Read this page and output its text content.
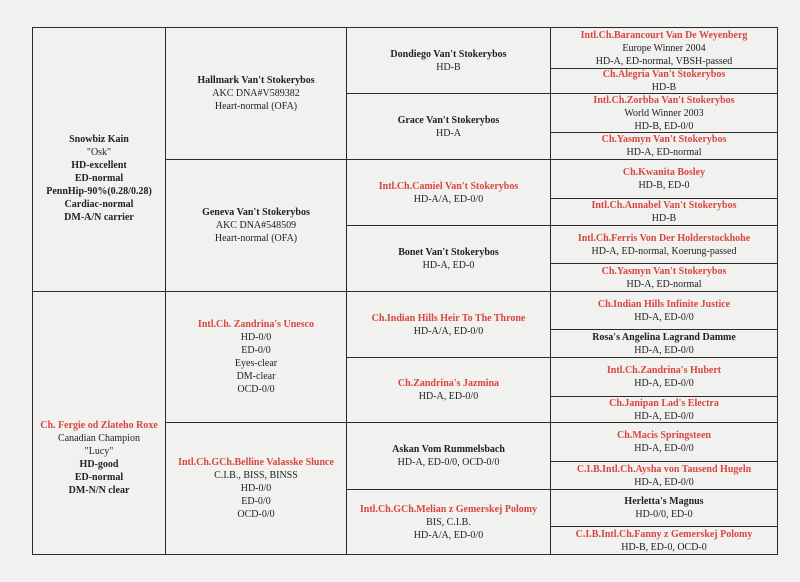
Snowbiz Kain
"Osk"
HD-excellent
ED-normal
PennHip-90%(0.28/0.28)
Cardiac-normal
DM-A/N carrier
Ch. Fergie od Zlateho Roxe
Canadian Champion
"Lucy"
HD-good
ED-normal
DM-N/N clear
Hallmark Van't Stokerybos
AKC DNA#V589382
Heart-normal (OFA)
Geneva Van't Stokerybos
AKC DNA#548509
Heart-normal (OFA)
Intl.Ch. Zandrina's Unesco
HD-0/0
ED-0/0
Eyes-clear
DM-clear
OCD-0/0
Intl.Ch.GCh.Belline Valasske Slunce
C.I.B., BISS, BINSS
HD-0/0
ED-0/0
OCD-0/0
Dondiego Van't Stokerybos
HD-B
Grace Van't Stokerybos
HD-A
Intl.Ch.Camiel Van't Stokerybos
HD-A/A, ED-0/0
Bonet Van't Stokerybos
HD-A, ED-0
Ch.Indian Hills Heir To The Throne
HD-A/A, ED-0/0
Ch.Zandrina's Jazmina
HD-A, ED-0/0
Askan Vom Rummelsbach
HD-A, ED-0/0, OCD-0/0
Intl.Ch.GCh.Melian z Gemerskej Polomy
BIS, C.I.B.
HD-A/A, ED-0/0
Intl.Ch.Barancourt Van De Weyenberg
Europe Winner 2004
HD-A, ED-normal, VBSH-passed
Ch.Alegria Van't Stokerybos
HD-B
Intl.Ch.Zorbba Van't Stokerybos
World Winner 2003
HD-B, ED-0/0
Ch.Yasmyn Van't Stokerybos
HD-A, ED-normal
Ch.Kwanita Bosley
HD-B, ED-0
Intl.Ch.Annabel Van't Stokerybos
HD-B
Intl.Ch.Ferris Von Der Holderstockhohe
HD-A, ED-normal, Koerung-passed
Ch.Yasmyn Van't Stokerybos
HD-A, ED-normal
Ch.Indian Hills Infinite Justice
HD-A, ED-0/0
Rosa's Angelina Lagrand Damme
HD-A, ED-0/0
Intl.Ch.Zandrina's Hubert
HD-A, ED-0/0
Ch.Janipan Lad's Electra
HD-A, ED-0/0
Ch.Macis Springsteen
HD-A, ED-0/0
C.I.B.Intl.Ch.Aysha von Tausend Hugeln
HD-A, ED-0/0
Herletta's Magnus
HD-0/0, ED-0
C.I.B.Intl.Ch.Fanny z Gemerskej Polomy
HD-B, ED-0, OCD-0
